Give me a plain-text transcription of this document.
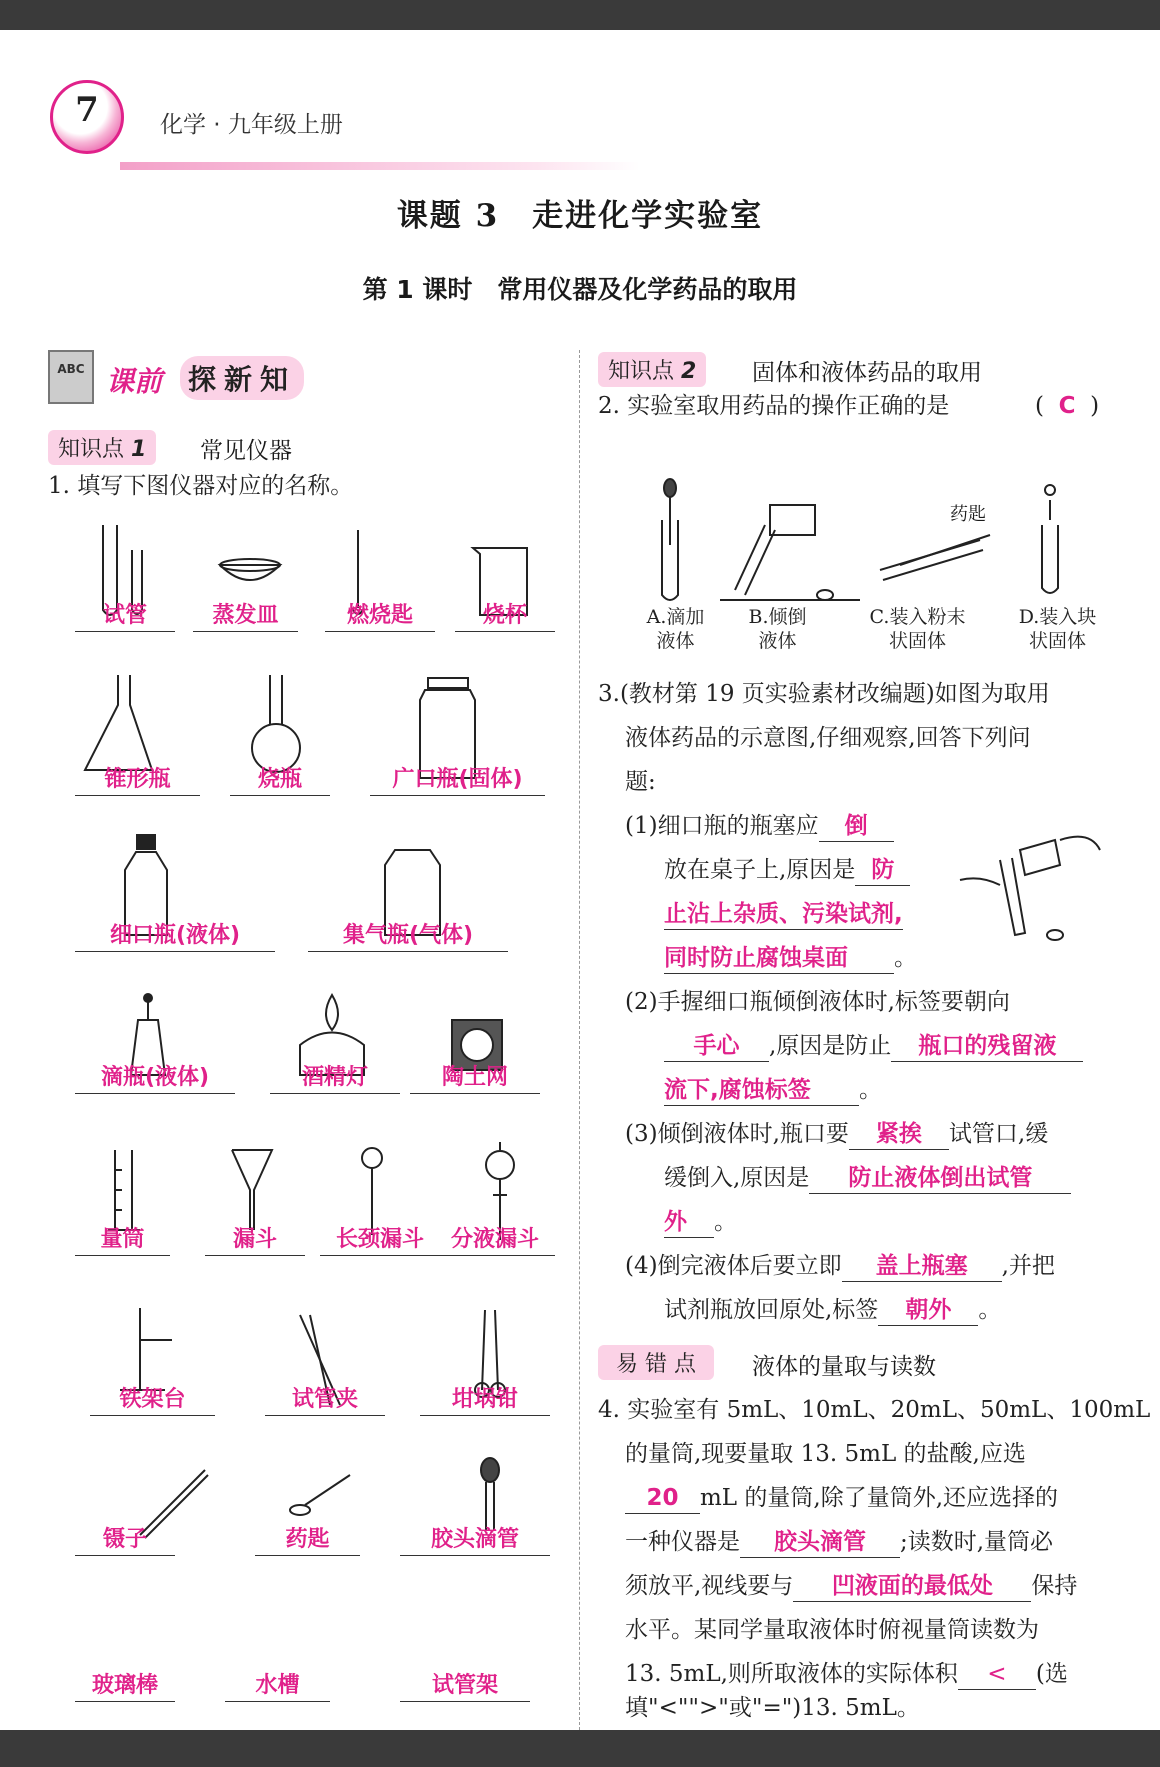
7	化学 · 九年级上册
课题 3　走进化学实验室
第 1 课时　常用仪器及化学药品的取用
ABC 课前 探新知
知识点 1	常见仪器
1. 填写下图仪器对应的名称。
试管	蒸发皿	燃烧匙	烧杯
锥形瓶	烧瓶	广口瓶(固体)
细口瓶(液体)	集气瓶(气体)
滴瓶(液体)	酒精灯	陶土网
量筒	漏斗	长颈漏斗	分液漏斗
铁架台	试管夹	坩埚钳
镊子	药匙	胶头滴管
玻璃棒	水槽	试管架
知识点 2	固体和液体药品的取用
2. 实验室取用药品的操作正确的是	( C )
药匙
A.滴加
液体
B.倾倒
液体
C.装入粉末
状固体
D.装入块
状固体
3.(教材第 19 页实验素材改编题)如图为取用
液体药品的示意图,仔细观察,回答下列问
题:
(1)细口瓶的瓶塞应 倒
放在桌子上,原因是 防
止沾上杂质、污染试剂,
同时防止腐蚀桌面 。
(2)手握细口瓶倾倒液体时,标签要朝向
手心 ,原因是防止 瓶口的残留液
流下,腐蚀标签 。
(3)倾倒液体时,瓶口要 紧挨 试管口,缓
缓倒入,原因是 防止液体倒出试管
外 。
(4)倒完液体后要立即 盖上瓶塞 ,并把
试剂瓶放回原处,标签 朝外 。
易 错 点	液体的量取与读数
4. 实验室有 5mL、10mL、20mL、50mL、100mL
的量筒,现要量取 13. 5mL 的盐酸,应选
20 mL 的量筒,除了量筒外,还应选择的
一种仪器是 胶头滴管 ;读数时,量筒必
须放平,视线要与 凹液面的最低处 保持
水平。某同学量取液体时俯视量筒读数为
13. 5mL,则所取液体的实际体积 < (选
填"<"">"或"=")13. 5mL。
